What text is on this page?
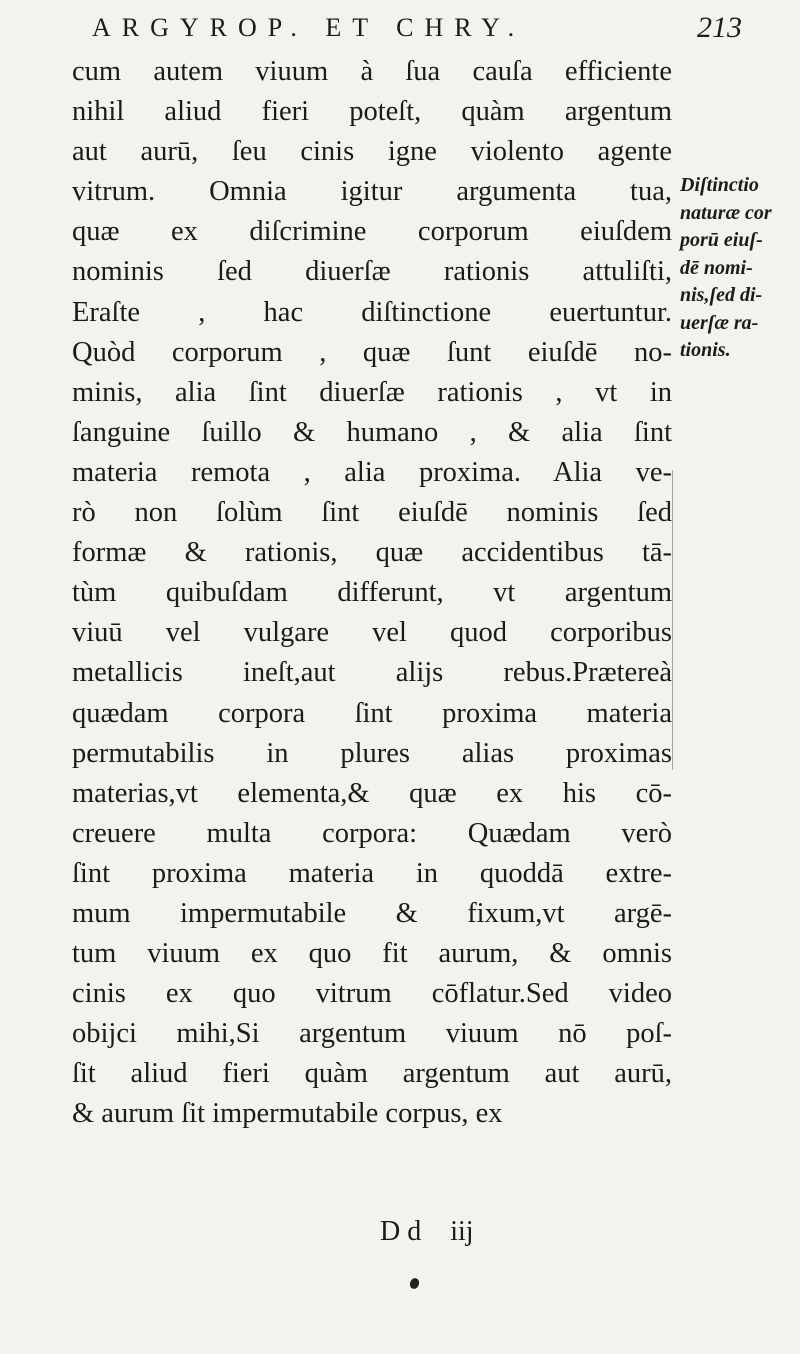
ARGYROP. ET CHRY.	213
cum autem viuum à ſua cauſa efficiente
nihil aliud fieri poteſt, quàm argentum
aut aurū, ſeu cinis igne violento agente
vitrum. Omnia igitur argumenta tua,
quæ ex diſcrimine corporum eiuſdem
nominis ſed diuerſæ rationis attuliſti,
Eraſte , hac diſtinctione euertuntur.
Quòd corporum , quæ ſunt eiuſdē no-
minis, alia ſint diuerſæ rationis , vt in
ſanguine ſuillo & humano , & alia ſint
materia remota , alia proxima. Alia ve-
rò non ſolùm ſint eiuſdē nominis ſed
formæ & rationis, quæ accidentibus tā-
tùm quibuſdam differunt, vt argentum
viuū vel vulgare vel quod corporibus
metallicis ineſt,aut alijs rebus.Prætereà
quædam corpora ſint proxima materia
permutabilis in plures alias proximas
materias,vt elementa,& quæ ex his cō-
creuere multa corpora: Quædam verò
ſint proxima materia in quoddā extre-
mum impermutabile & fixum,vt argē-
tum viuum ex quo fit aurum, & omnis
cinis ex quo vitrum cōflatur.Sed video
obijci mihi,Si argentum viuum nō poſ-
ſit aliud fieri quàm argentum aut aurū,
& aurum ſit impermutabile corpus, ex
Diſtinctio
naturæ cor
porū eiuſ-
dē nomi-
nis,ſed di-
uerſæ ra-
tionis.
D d iij
